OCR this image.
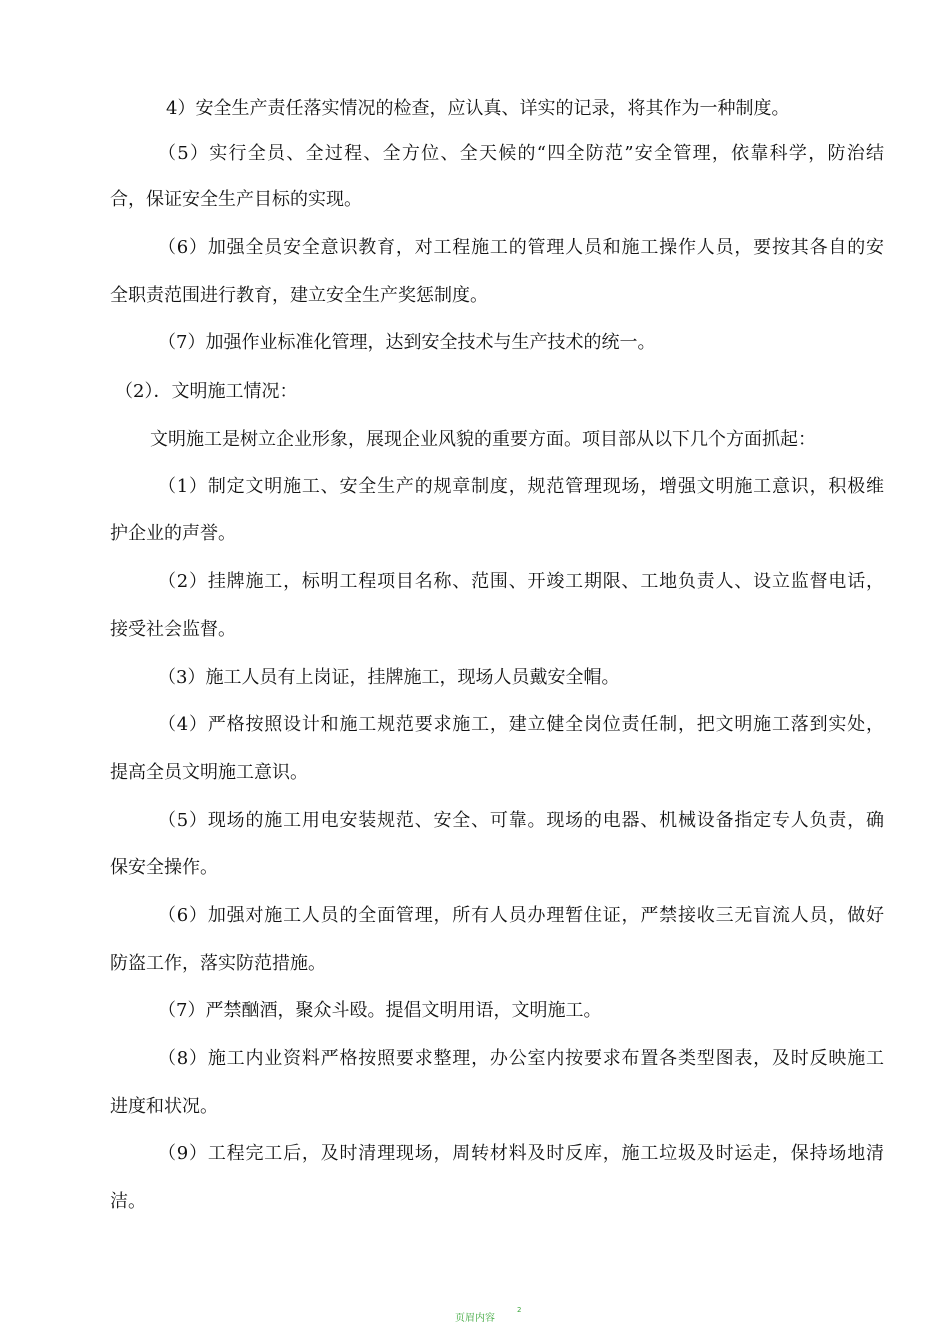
4）安全生产责任落实情况的检查，应认真、详实的记录，将其作为一种制度。
（5）实行全员、全过程、全方位、全天候的“四全防范”安全管理，依靠科学，防治结
合，保证安全生产目标的实现。
（6）加强全员安全意识教育，对工程施工的管理人员和施工操作人员，要按其各自的安
全职责范围进行教育，建立安全生产奖惩制度。
（7）加强作业标准化管理，达到安全技术与生产技术的统一。
（2）．文明施工情况：
文明施工是树立企业形象，展现企业风貌的重要方面。项目部从以下几个方面抓起：
（1）制定文明施工、安全生产的规章制度，规范管理现场，增强文明施工意识，积极维
护企业的声誉。
（2）挂牌施工，标明工程项目名称、范围、开竣工期限、工地负责人、设立监督电话，
接受社会监督。
（3）施工人员有上岗证，挂牌施工，现场人员戴安全帽。
（4）严格按照设计和施工规范要求施工，建立健全岗位责任制，把文明施工落到实处，
提高全员文明施工意识。
（5）现场的施工用电安装规范、安全、可靠。现场的电器、机械设备指定专人负责，确
保安全操作。
（6）加强对施工人员的全面管理，所有人员办理暂住证，严禁接收三无盲流人员，做好
防盗工作，落实防范措施。
（7）严禁酗酒，聚众斗殴。提倡文明用语，文明施工。
（8）施工内业资料严格按照要求整理，办公室内按要求布置各类型图表，及时反映施工
进度和状况。
（9）工程完工后，及时清理现场，周转材料及时反库，施工垃圾及时运走，保持场地清
洁。
页眉内容
2
